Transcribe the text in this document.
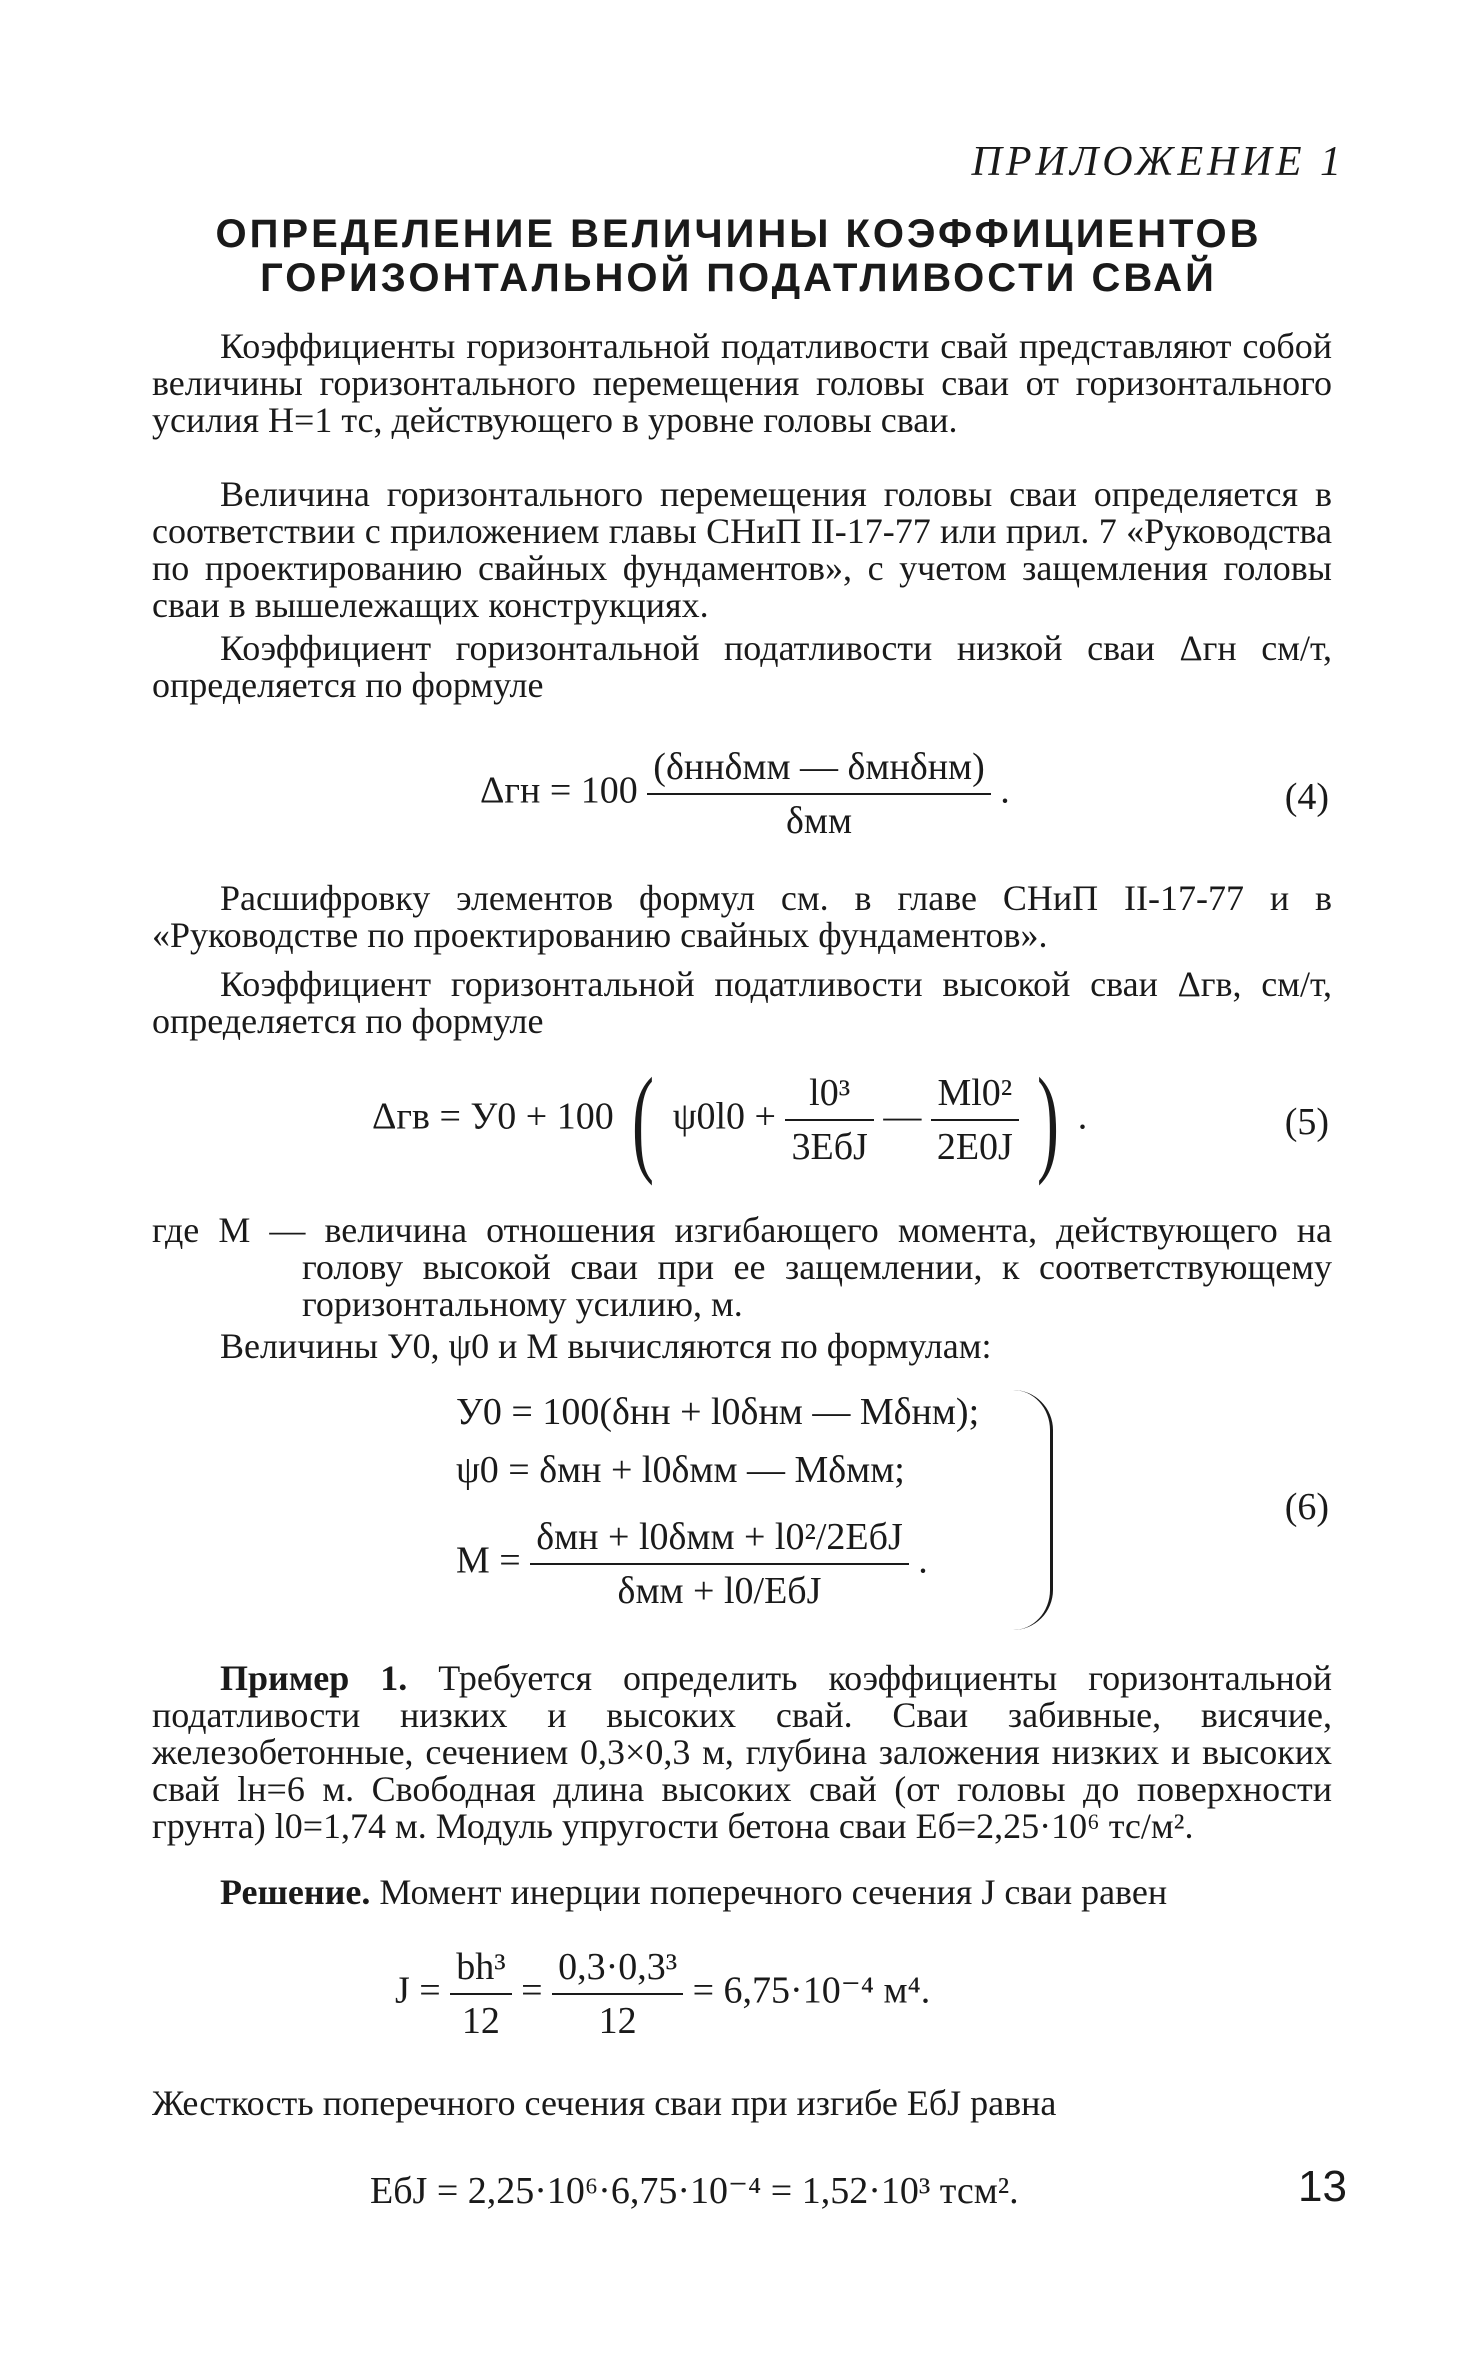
ПРИЛОЖЕНИЕ 1
ОПРЕДЕЛЕНИЕ ВЕЛИЧИНЫ КОЭФФИЦИЕНТОВ
ГОРИЗОНТАЛЬНОЙ ПОДАТЛИВОСТИ СВАЙ
Коэффициенты горизонтальной податливости свай представляют собой величины горизонтального перемещения головы сваи от горизонтального усилия H=1 тс, действующего в уровне головы сваи.
Величина горизонтального перемещения головы сваи определяется в соответствии с приложением главы СНиП II-17-77 или прил. 7 «Руководства по проектированию свайных фундаментов», с учетом защемления головы сваи в вышележащих конструкциях.
Коэффициент горизонтальной податливости низкой сваи Δгн см/т, определяется по формуле
$\Delta гн = 100 \frac{\text{(δннδмм — δмнδнм)}}{\text{δмм}}$ .	(4)
Расшифровку элементов формул см. в главе СНиП II-17-77 и в «Руководстве по проектированию свайных фундаментов».
Коэффициент горизонтальной податливости высокой сваи Δгв, см/т, определяется по формуле
Δгв = У0 + 100 ( $\psi 0l0 + \frac{\text{l0³}}{\text{3EбJ}}$ — $\frac{\text{Ml0²}}{2E0J}$ ) .	(5)
где M — величина отношения изгибающего момента, действующего на голову высокой сваи при ее защемлении, к соответствующему горизонтальному усилию, м.
Величины У0, ψ0 и M вычисляются по формулам:
У0 = 100(δнн + l0δнм — Mδнм);
ψ0 = δмн + l0δмм — Mδмм;
$M = \frac{\text{δмн + l0δмм + l0²/2EбJ}}{\text{δмм + l0/EбJ}}$ .
(6)
Пример 1. Требуется определить коэффициенты горизонтальной податливости низких и высоких свай. Сваи забивные, висячие, железобетонные, сечением 0,3×0,3 м, глубина заложения низких и высоких свай lн=6 м. Свободная длина высоких свай (от головы до поверхности грунта) l0=1,74 м. Модуль упругости бетона сваи Eб=2,25·10⁶ тс/м².
Решение. Момент инерции поперечного сечения J сваи равен
$J = \frac{\text{bh³}}{12} = \frac{\text{0,3·0,3³}}{12} = 6,75\cdot 10^{-4}$ м⁴.
Жесткость поперечного сечения сваи при изгибе EбJ равна
EбJ = 2,25·10⁶·6,75·10⁻⁴ = 1,52·10³ тсм².	13
